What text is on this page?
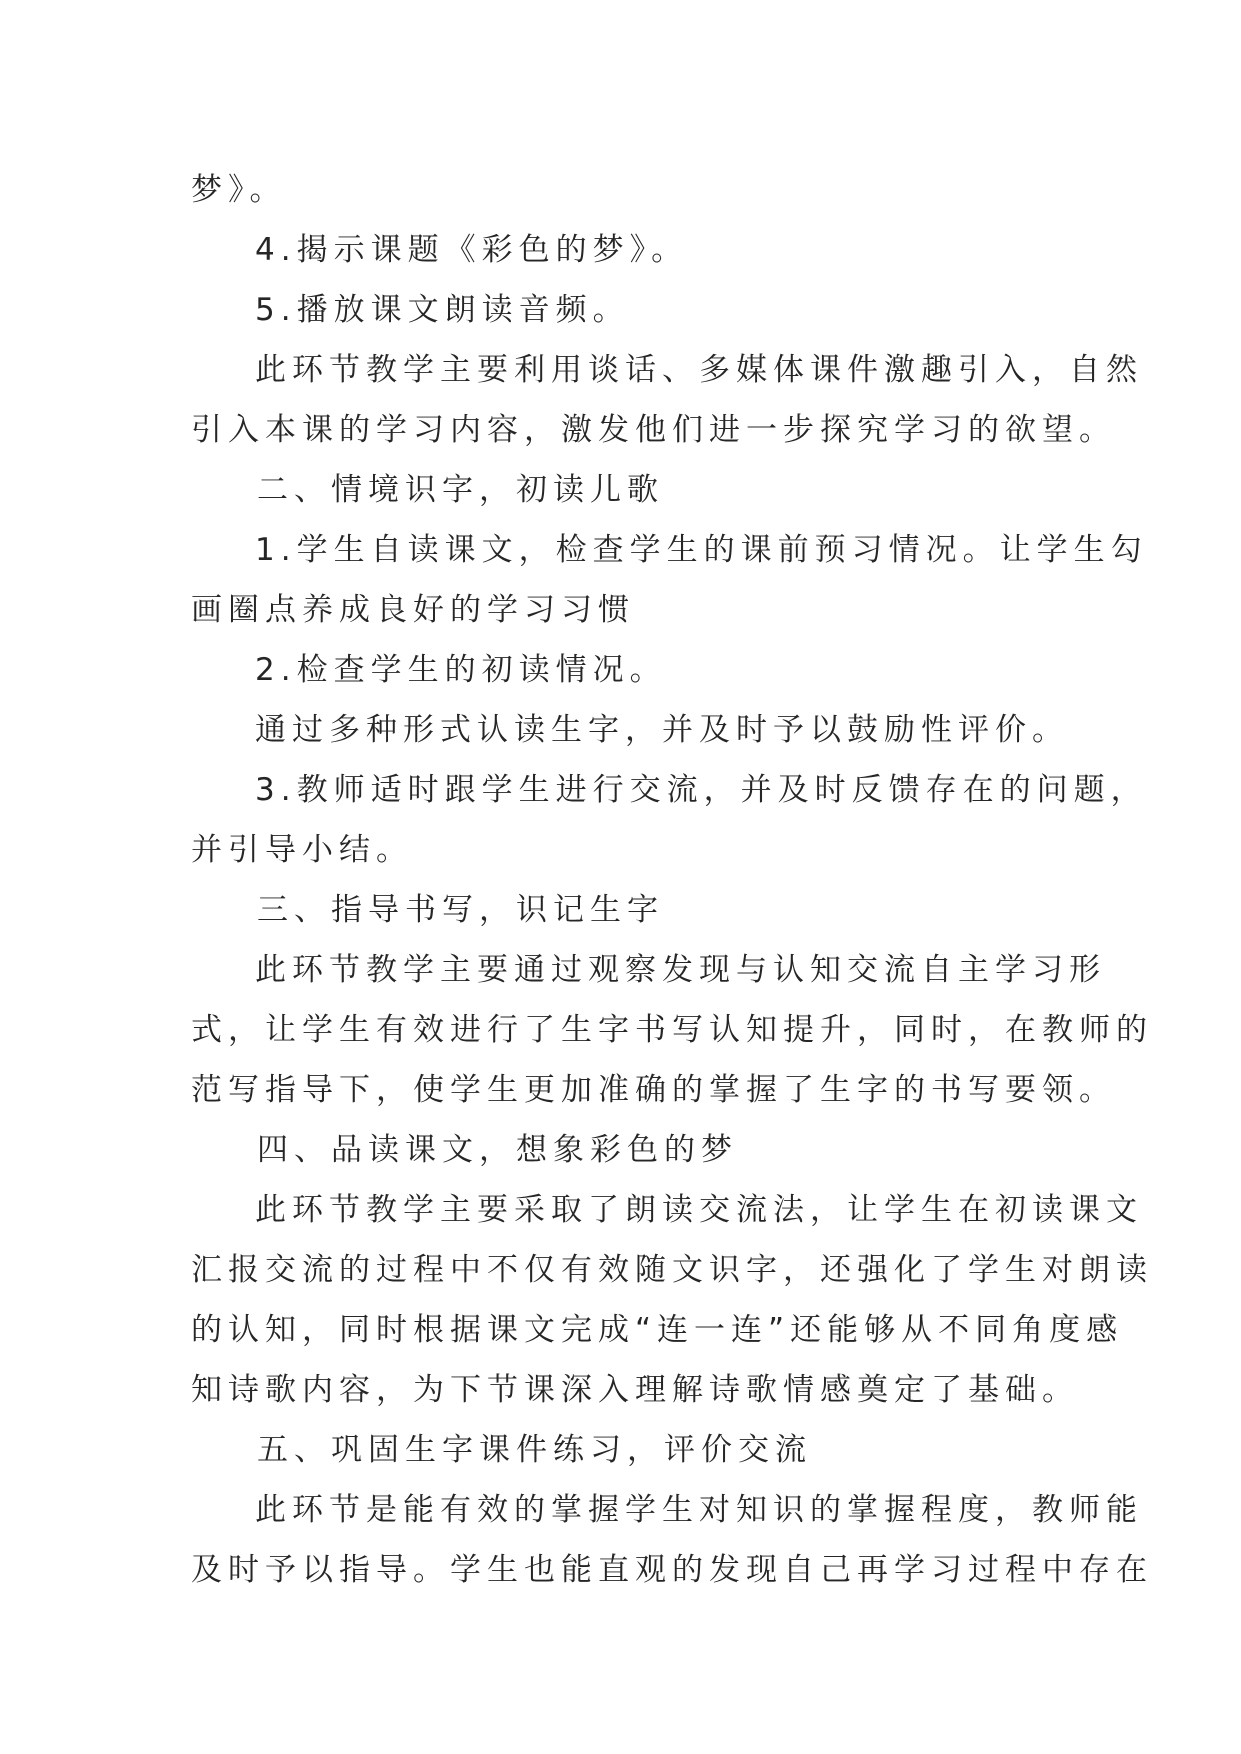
梦》。
4.揭示课题《彩色的梦》。
5.播放课文朗读音频。
此环节教学主要利用谈话、多媒体课件激趣引入，自然
引入本课的学习内容，激发他们进一步探究学习的欲望。
二、情境识字，初读儿歌
1.学生自读课文，检查学生的课前预习情况。让学生勾
画圈点养成良好的学习习惯
2.检查学生的初读情况。
通过多种形式认读生字，并及时予以鼓励性评价。
3.教师适时跟学生进行交流，并及时反馈存在的问题，
并引导小结。
三、指导书写，识记生字
此环节教学主要通过观察发现与认知交流自主学习形
式，让学生有效进行了生字书写认知提升，同时，在教师的
范写指导下，使学生更加准确的掌握了生字的书写要领。
四、品读课文，想象彩色的梦
此环节教学主要采取了朗读交流法，让学生在初读课文
汇报交流的过程中不仅有效随文识字，还强化了学生对朗读
的认知，同时根据课文完成“连一连”还能够从不同角度感
知诗歌内容，为下节课深入理解诗歌情感奠定了基础。
五、巩固生字课件练习，评价交流
此环节是能有效的掌握学生对知识的掌握程度，教师能
及时予以指导。学生也能直观的发现自己再学习过程中存在
